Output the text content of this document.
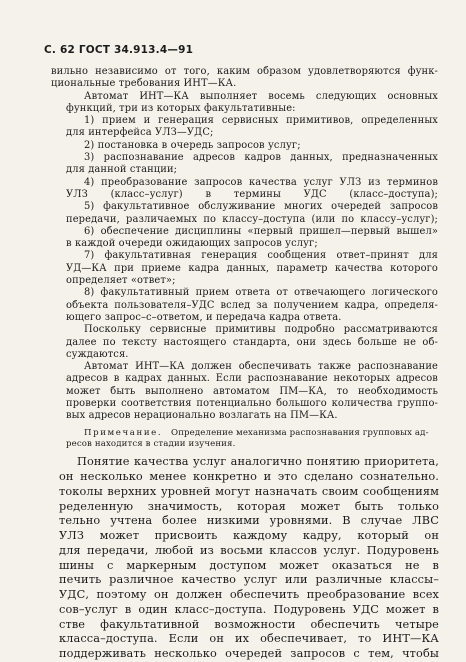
С. 62 ГОСТ 34.913.4—91
вильно независимо от того, каким образом удовлетворяются функ-
циональные требования ИНТ—КА.
Автомат ИНТ—КА выполняет восемь следующих основных
функций, три из которых факультативные:
1) прием и генерация сервисных примитивов, определенных
для интерфейса УЛЗ—УДС;
2) постановка в очередь запросов услуг;
3) распознавание адресов кадров данных, предназначенных
для данной станции;
4) преобразование запросов качества услуг УЛЗ из терминов
УЛЗ (класс–услуг) в термины УДС (класс–доступа);
5) факультативное обслуживание многих очередей запросов
передачи, различаемых по классу–доступа (или по классу–услуг);
6) обеспечение дисциплины «первый пришел—первый вышел»
в каждой очереди ожидающих запросов услуг;
7) факультативная генерация сообщения ответ–принят для
УД—КА при приеме кадра данных, параметр качества которого
определяет «ответ»;
8) факультативный прием ответа от отвечающего логического
объекта пользователя–УДС вслед за получением кадра, определя-
ющего запрос–с–ответом, и передача кадра ответа.
Поскольку сервисные примитивы подробно рассматриваются
далее по тексту настоящего стандарта, они здесь больше не об-
суждаются.
Автомат ИНТ—КА должен обеспечивать также распознавание
адресов в кадрах данных. Если распознавание некоторых адресов
может быть выполнено автоматом ПМ—КА, то необходимость
проверки соответствия потенциально большого количества группо-
вых адресов нерационально возлагать на ПМ—КА.
Примечание. Определение механизма распознавания групповых ад-
ресов находится в стадии изучения.
Понятие качества услуг аналогично понятию приоритета,
он несколько менее конкретно и это сделано сознательно.
токолы верхних уровней могут назначать своим сообщениям
ределенную значимость, которая может быть только
тельно учтена более низкими уровнями. В случае ЛВС
УЛЗ может присвоить каждому кадру, который он
для передачи, любой из восьми классов услуг. Подуровень
шины с маркерным доступом может оказаться не в
печить различное качество услуг или различные классы–
УДС, поэтому он должен обеспечить преобразование всех
сов–услуг в один класс–доступа. Подуровень УДС может в
стве факультативной возможности обеспечить четыре
класса–доступа. Если он их обеспечивает, то ИНТ—КА
поддерживать несколько очередей запросов с тем, чтобы
